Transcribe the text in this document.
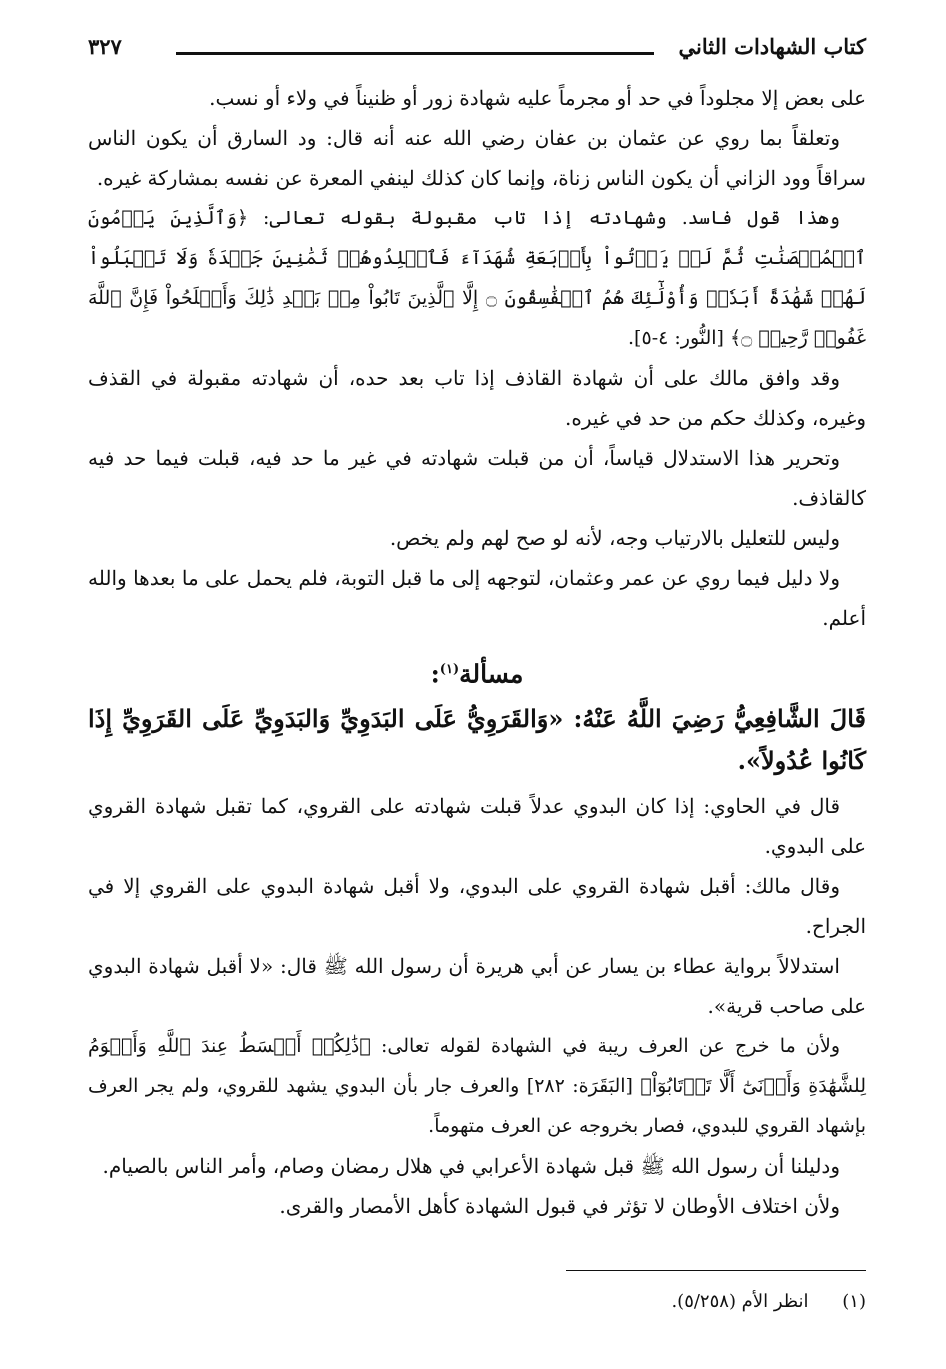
كتاب الشهادات الثاني
٣٢٧

على بعض إلا مجلوداً في حد أو مجرماً عليه شهادة زور أو ظنيناً في ولاء أو نسب.

وتعلقاً بما روي عن عثمان بن عفان رضي الله عنه أنه قال: ود السارق أن يكون الناس سراقاً وود الزاني أن يكون الناس زناة، وإنما كان كذلك لينفي المعرة عن نفسه بمشاركة غيره.

وهذا قول فاسد. وشهادته إذا تاب مقبولة بقوله تعالى: ﴿وَٱلَّذِينَ يَرۡمُونَ ٱلۡمُحۡصَنَٰتِ ثُمَّ لَمۡ يَأۡتُواْ بِأَرۡبَعَةِ شُهَدَآءَ فَٱجۡلِدُوهُمۡ ثَمَٰنِينَ جَلۡدَةٗ وَلَا تَقۡبَلُواْ لَهُمۡ شَهَٰدَةً أَبَدٗاۚ وَأُوْلَٰٓئِكَ هُمُ ٱلۡفَٰسِقُونَ ۝ إِلَّا ٱلَّذِينَ تَابُواْ مِنۢ بَعۡدِ ذَٰلِكَ وَأَصۡلَحُواْ فَإِنَّ ٱللَّهَ غَفُورٞ رَّحِيمٞ ۝﴾ [النُّور: ٤-٥].

وقد وافق مالك على أن شهادة القاذف إذا تاب بعد حده، أن شهادته مقبولة في القذف وغيره، وكذلك حكم من حد في غيره.

وتحرير هذا الاستدلال قياساً، أن من قبلت شهادته في غير ما حد فيه، قبلت فيما حد فيه كالقاذف.

وليس للتعليل بالارتياب وجه، لأنه لو صح لهم ولم يخص.

ولا دليل فيما روي عن عمر وعثمان، لتوجهه إلى ما قبل التوبة، فلم يحمل على ما بعدها والله أعلم.

مسألة$^{(١)}$:

قَالَ الشَّافِعِيُّ رَضِيَ اللَّهُ عَنْهُ: «وَالقَرَوِيُّ عَلَى البَدَوِيِّ وَالبَدَوِيِّ عَلَى القَرَوِيِّ إِذَا كَانُوا عُدُولاً».

قال في الحاوي: إذا كان البدوي عدلاً قبلت شهادته على القروي، كما تقبل شهادة القروي على البدوي.

وقال مالك: أقبل شهادة القروي على البدوي، ولا أقبل شهادة البدوي على القروي إلا في الجراح.

استدلالاً برواية عطاء بن يسار عن أبي هريرة أن رسول الله ﷺ قال: «لا أقبل شهادة البدوي على صاحب قرية».

ولأن ما خرج عن العرف ريبة في الشهادة لقوله تعالى: ﴿ذَٰلِكُمۡ أَقۡسَطُ عِندَ ٱللَّهِ وَأَقۡوَمُ لِلشَّهَٰدَةِ وَأَدۡنَىٰٓ أَلَّا تَرۡتَابُوٓاْ﴾ [البَقَرَة: ٢٨٢] والعرف جار بأن البدوي يشهد للقروي، ولم يجر العرف بإشهاد القروي للبدوي، فصار بخروجه عن العرف متهوماً.

ودليلنا أن رسول الله ﷺ قبل شهادة الأعرابي في هلال رمضان وصام، وأمر الناس بالصيام.

ولأن اختلاف الأوطان لا تؤثر في قبول الشهادة كأهل الأمصار والقرى.

(١) انظر الأم (٥/٢٥٨).
